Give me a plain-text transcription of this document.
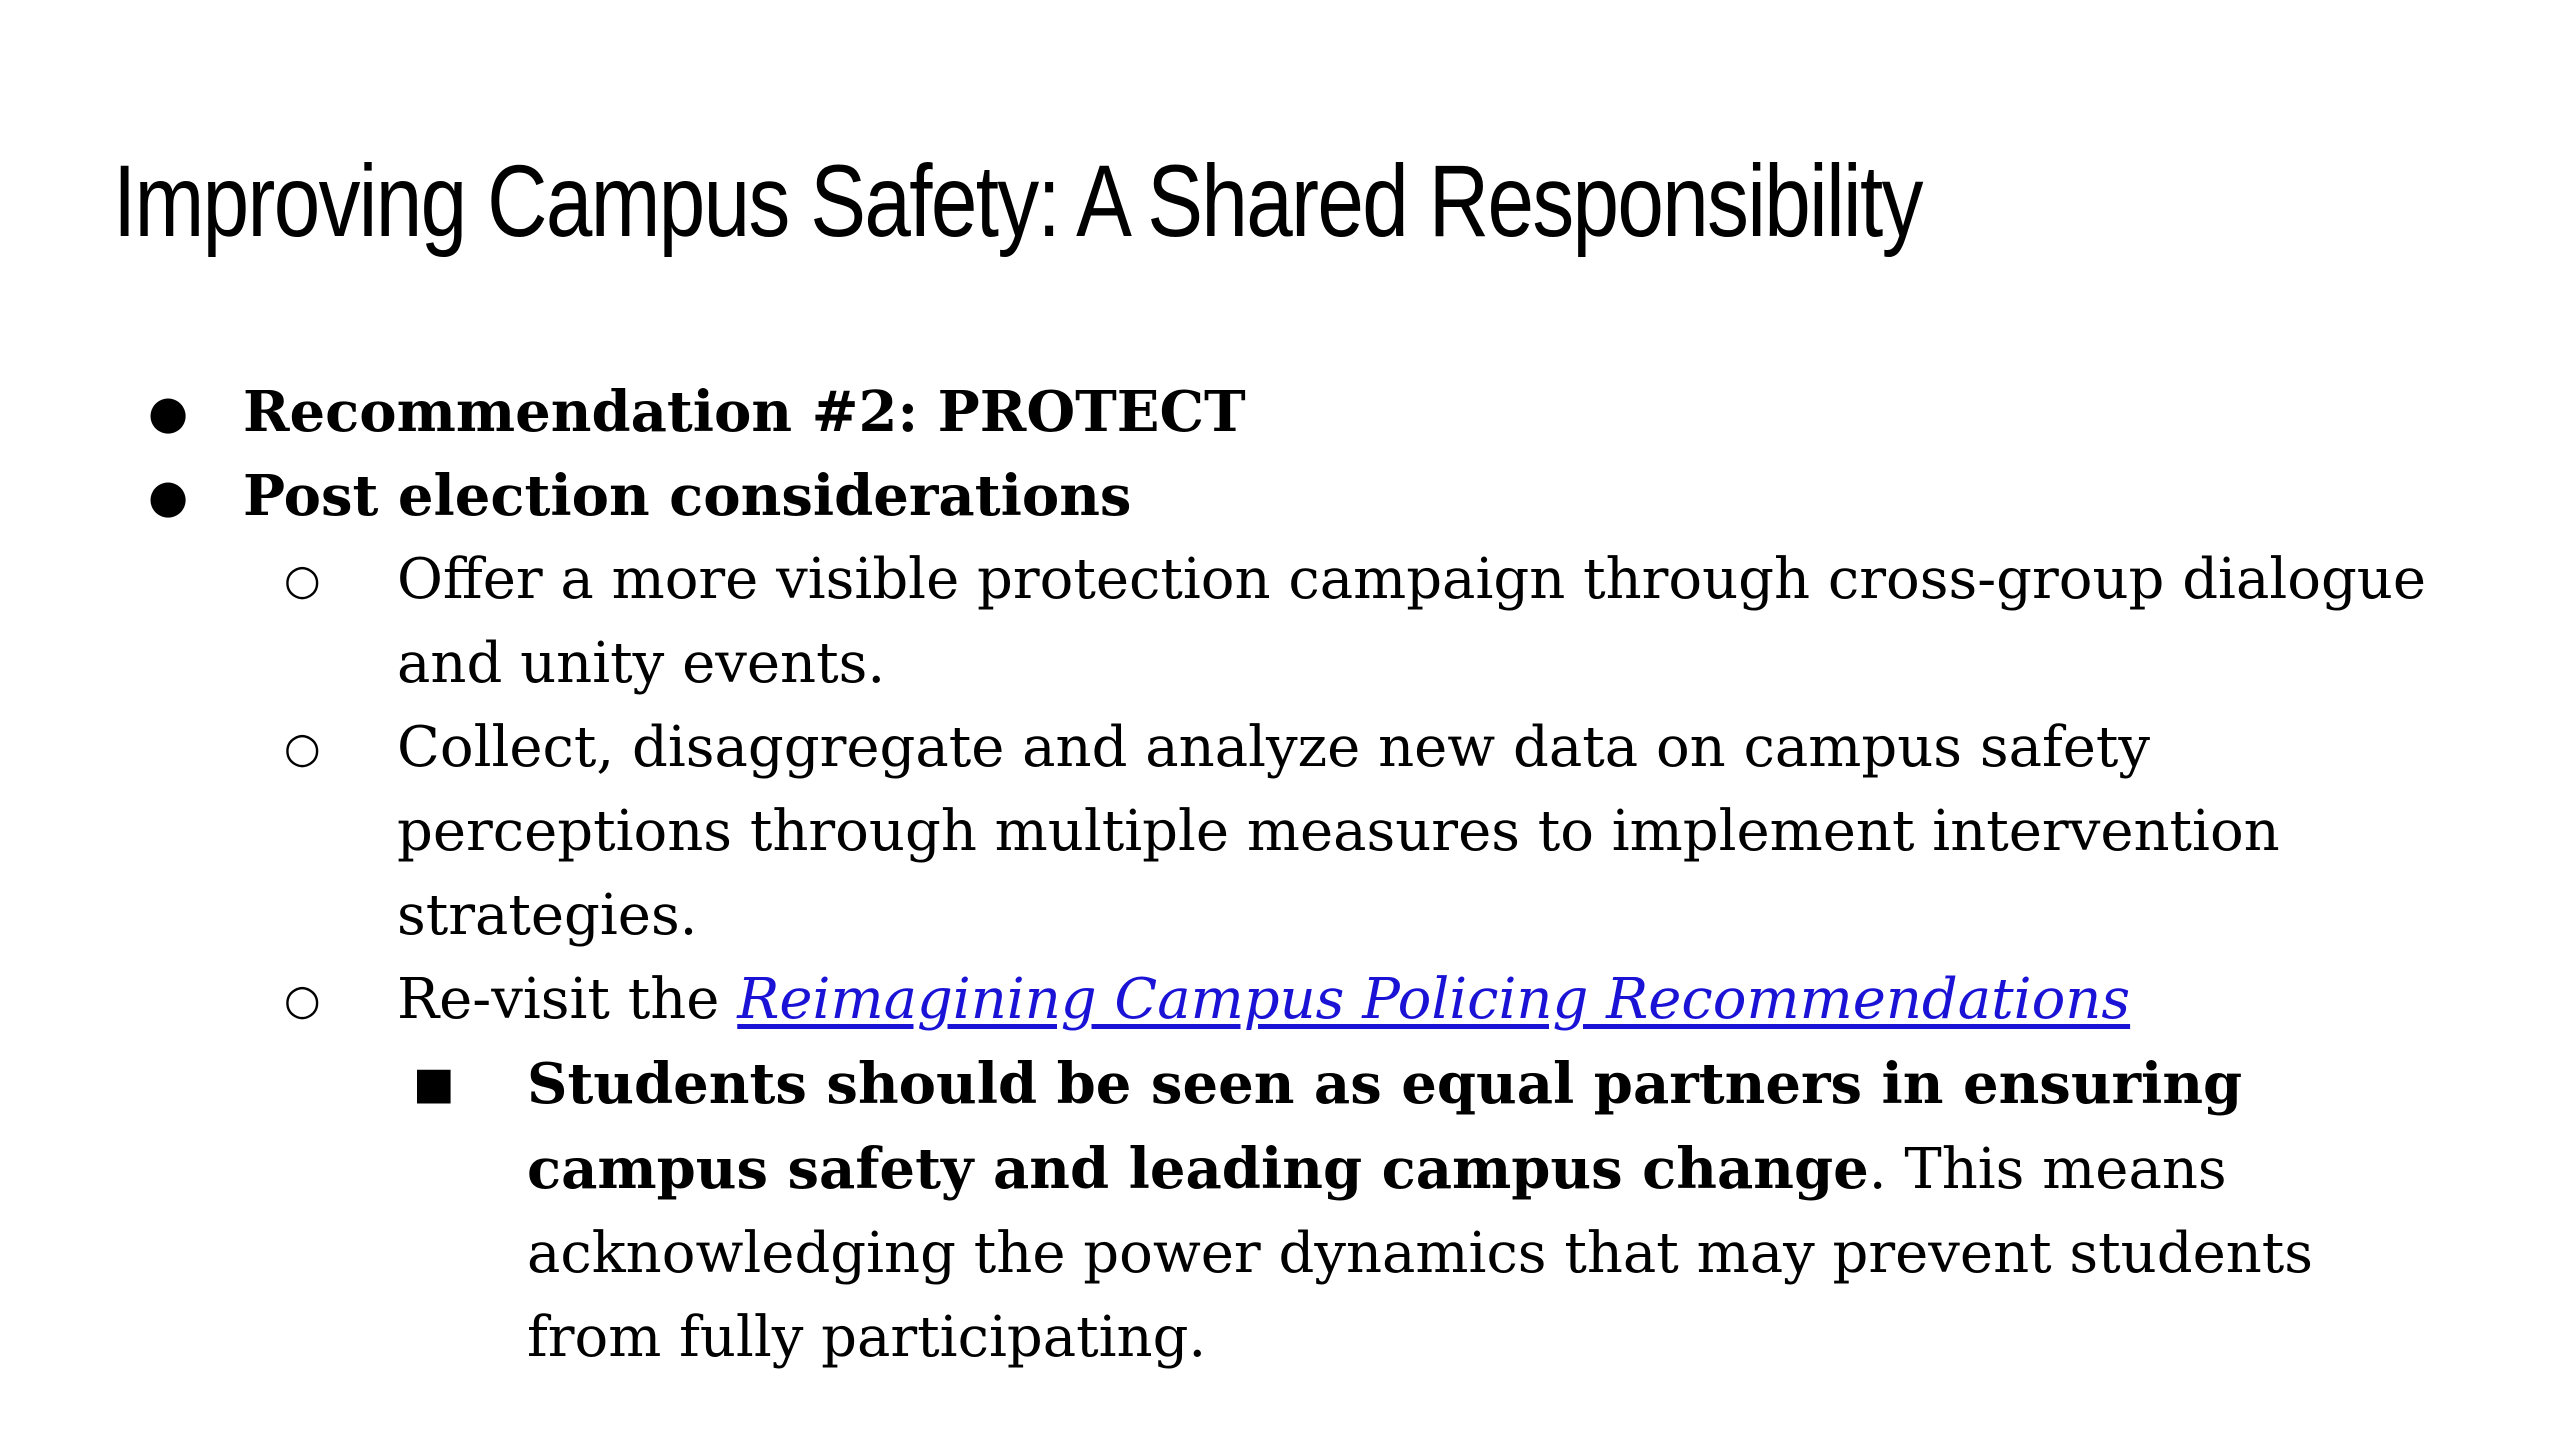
Improving Campus Safety: A Shared Responsibility
● Recommendation #2: PROTECT
● Post election considerations
○ Offer a more visible protection campaign through cross-group dialogue and unity events.
○ Collect, disaggregate and analyze new data on campus safety perceptions through multiple measures to implement intervention strategies.
○ Re-visit the Reimagining Campus Policing Recommendations
■ Students should be seen as equal partners in ensuring campus safety and leading campus change. This means acknowledging the power dynamics that may prevent students from fully participating.
